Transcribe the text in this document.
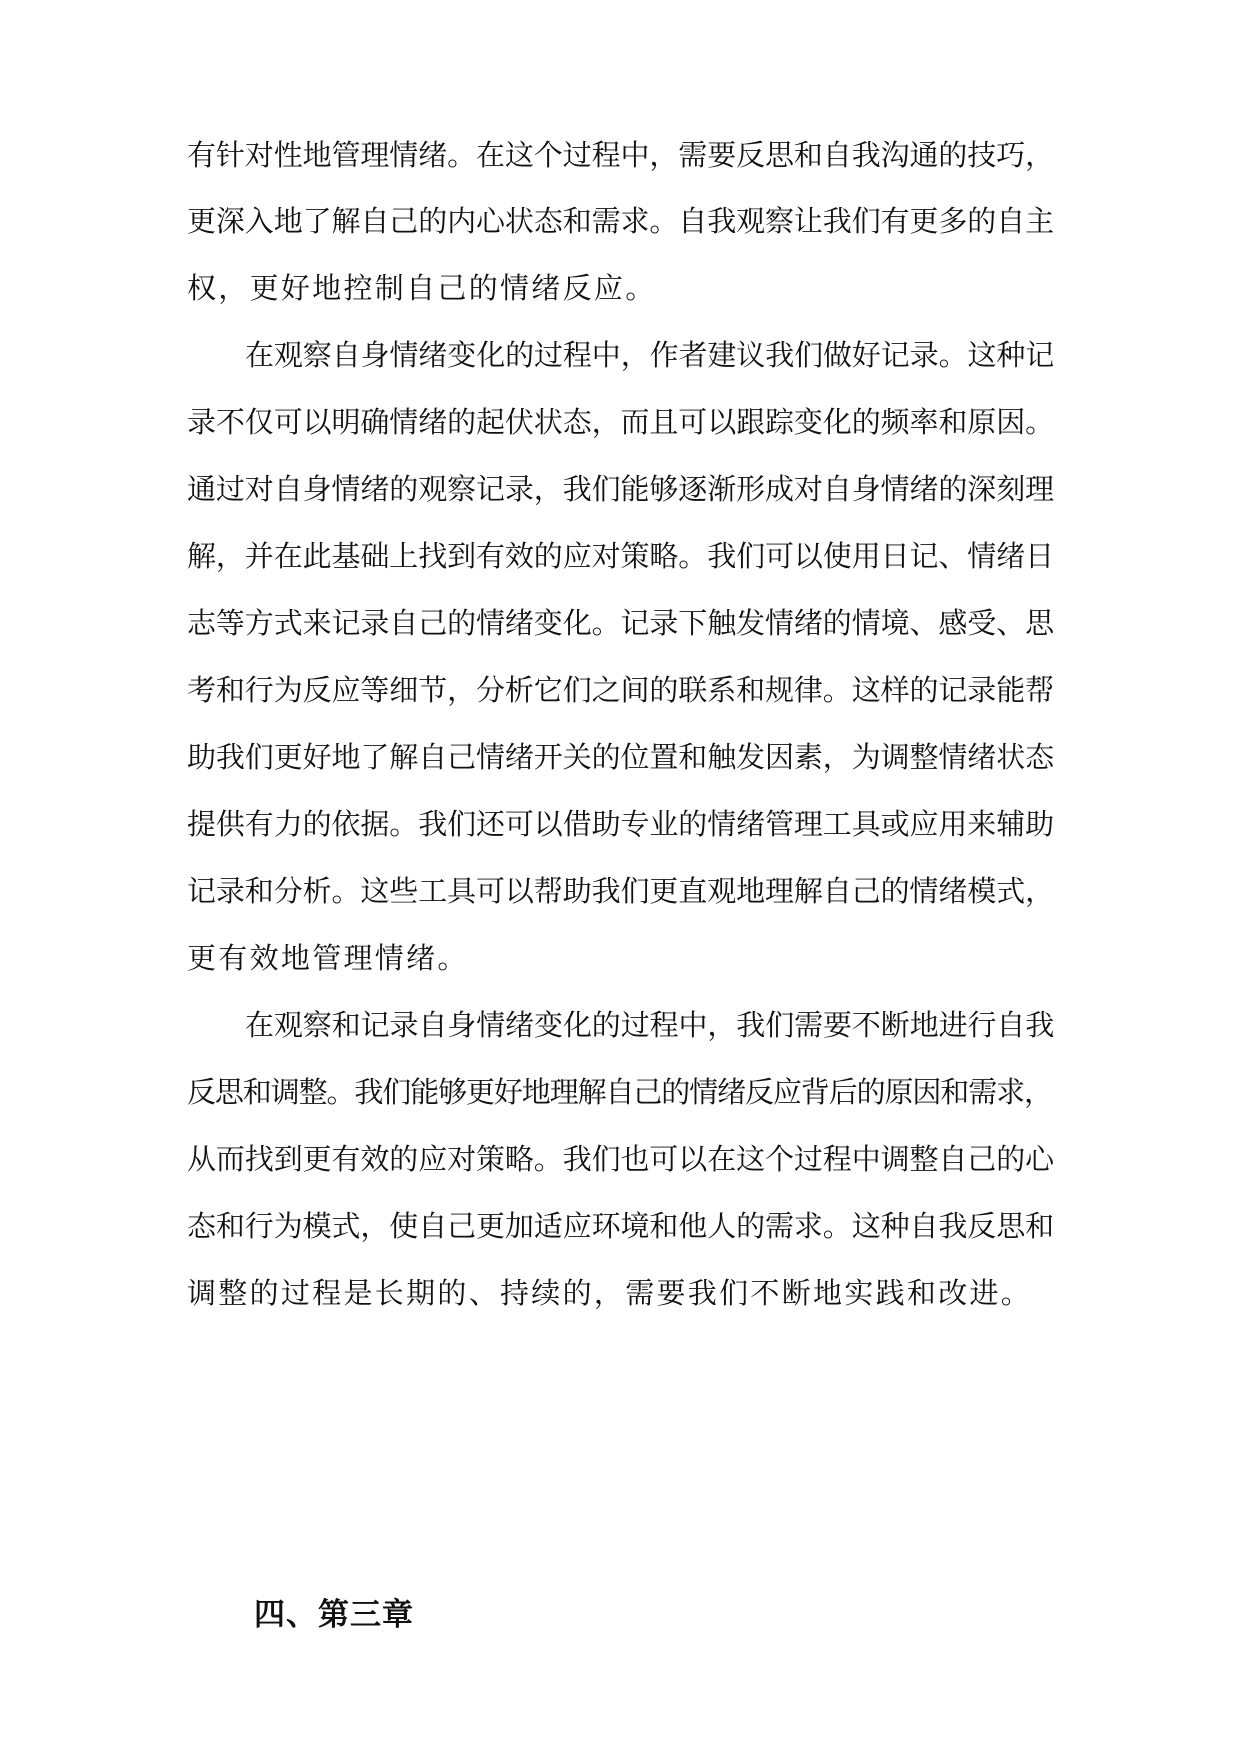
有针对性地管理情绪。在这个过程中，需要反思和自我沟通的技巧，
更深入地了解自己的内心状态和需求。自我观察让我们有更多的自主
权，更好地控制自己的情绪反应。
在观察自身情绪变化的过程中，作者建议我们做好记录。这种记
录不仅可以明确情绪的起伏状态，而且可以跟踪变化的频率和原因。
通过对自身情绪的观察记录，我们能够逐渐形成对自身情绪的深刻理
解，并在此基础上找到有效的应对策略。我们可以使用日记、情绪日
志等方式来记录自己的情绪变化。记录下触发情绪的情境、感受、思
考和行为反应等细节，分析它们之间的联系和规律。这样的记录能帮
助我们更好地了解自己情绪开关的位置和触发因素，为调整情绪状态
提供有力的依据。我们还可以借助专业的情绪管理工具或应用来辅助
记录和分析。这些工具可以帮助我们更直观地理解自己的情绪模式，
更有效地管理情绪。
在观察和记录自身情绪变化的过程中，我们需要不断地进行自我
反思和调整。我们能够更好地理解自己的情绪反应背后的原因和需求，
从而找到更有效的应对策略。我们也可以在这个过程中调整自己的心
态和行为模式，使自己更加适应环境和他人的需求。这种自我反思和
调整的过程是长期的、持续的，需要我们不断地实践和改进。
四、第三章
